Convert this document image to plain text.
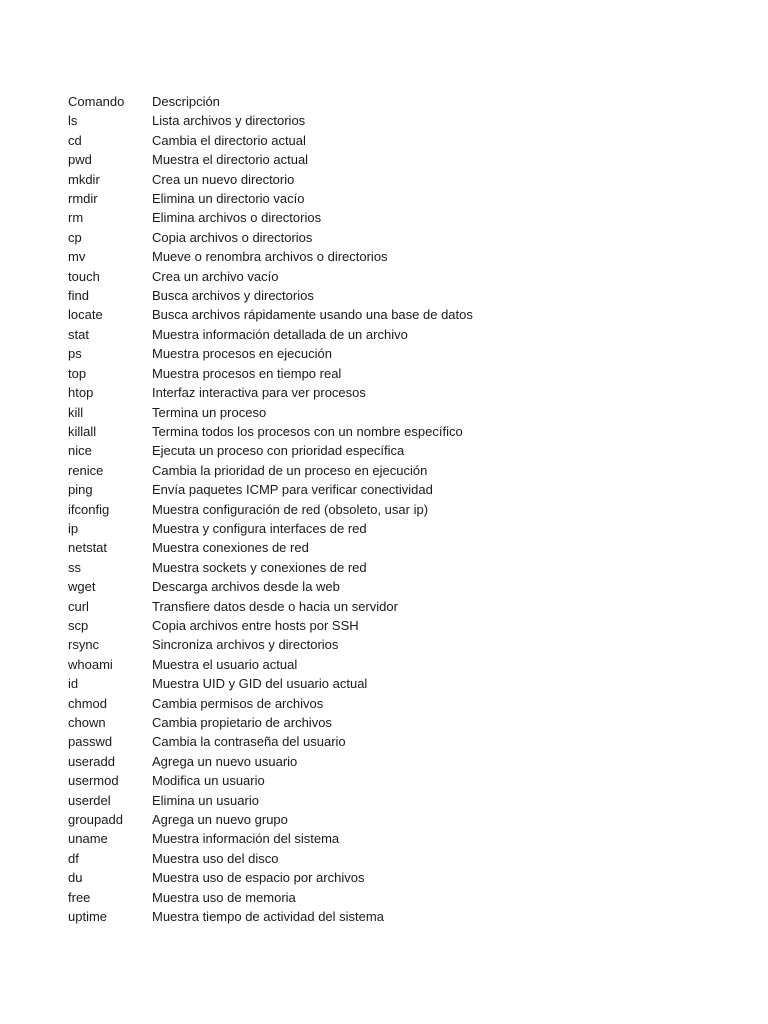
Comando	Descripción
ls	Lista archivos y directorios
cd	Cambia el directorio actual
pwd	Muestra el directorio actual
mkdir	Crea un nuevo directorio
rmdir	Elimina un directorio vacío
rm	Elimina archivos o directorios
cp	Copia archivos o directorios
mv	Mueve o renombra archivos o directorios
touch	Crea un archivo vacío
find	Busca archivos y directorios
locate	Busca archivos rápidamente usando una base de datos
stat	Muestra información detallada de un archivo
ps	Muestra procesos en ejecución
top	Muestra procesos en tiempo real
htop	Interfaz interactiva para ver procesos
kill	Termina un proceso
killall	Termina todos los procesos con un nombre específico
nice	Ejecuta un proceso con prioridad específica
renice	Cambia la prioridad de un proceso en ejecución
ping	Envía paquetes ICMP para verificar conectividad
ifconfig	Muestra configuración de red (obsoleto, usar ip)
ip	Muestra y configura interfaces de red
netstat	Muestra conexiones de red
ss	Muestra sockets y conexiones de red
wget	Descarga archivos desde la web
curl	Transfiere datos desde o hacia un servidor
scp	Copia archivos entre hosts por SSH
rsync	Sincroniza archivos y directorios
whoami	Muestra el usuario actual
id	Muestra UID y GID del usuario actual
chmod	Cambia permisos de archivos
chown	Cambia propietario de archivos
passwd	Cambia la contraseña del usuario
useradd	Agrega un nuevo usuario
usermod	Modifica un usuario
userdel	Elimina un usuario
groupadd	Agrega un nuevo grupo
uname	Muestra información del sistema
df	Muestra uso del disco
du	Muestra uso de espacio por archivos
free	Muestra uso de memoria
uptime	Muestra tiempo de actividad del sistema
